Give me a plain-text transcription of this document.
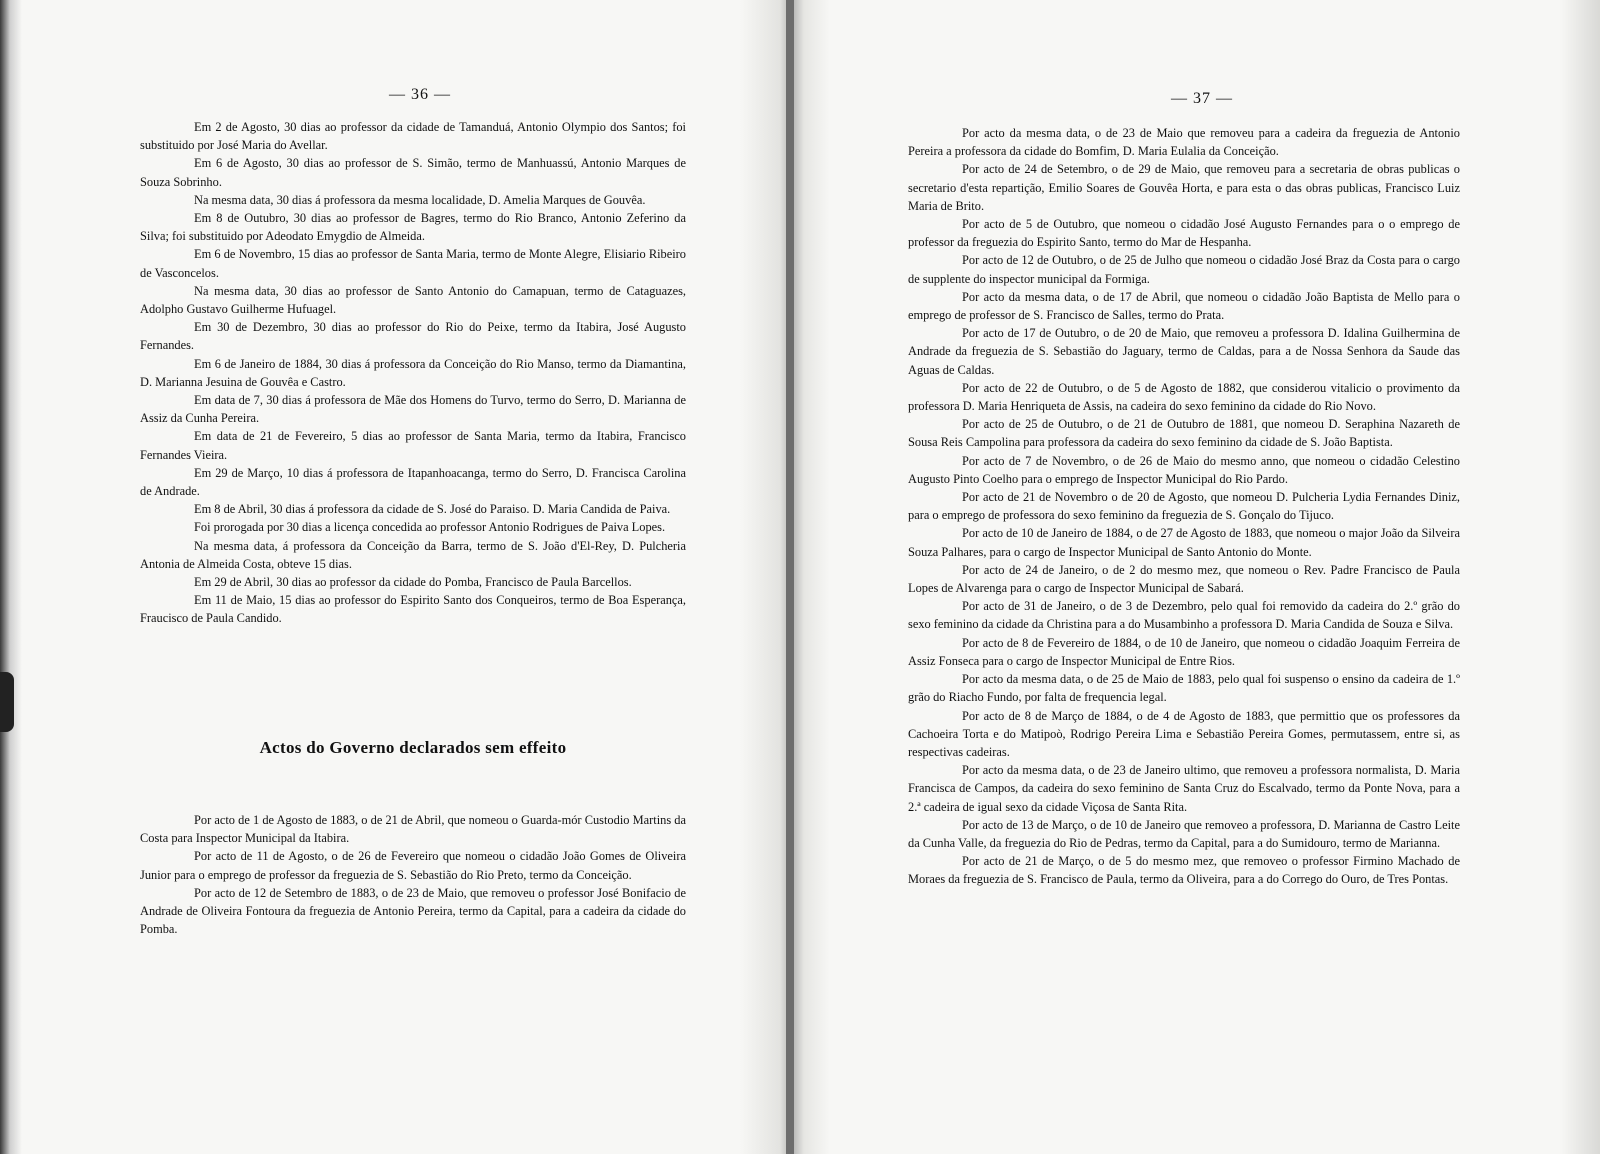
— 36 —

Em 2 de Agosto, 30 dias ao professor da cidade de Tamanduá, Antonio Olympio dos Santos; foi substituido por José Maria do Avellar.

Em 6 de Agosto, 30 dias ao professor de S. Simão, termo de Manhuassú, Antonio Marques de Souza Sobrinho.

Na mesma data, 30 dias á professora da mesma localidade, D. Amelia Marques de Gouvêa.

Em 8 de Outubro, 30 dias ao professor de Bagres, termo do Rio Branco, Antonio Zeferino da Silva; foi substituido por Adeodato Emygdio de Almeida.

Em 6 de Novembro, 15 dias ao professor de Santa Maria, termo de Monte Alegre, Elisiario Ribeiro de Vasconcelos.

Na mesma data, 30 dias ao professor de Santo Antonio do Camapuan, termo de Cataguazes, Adolpho Gustavo Guilherme Hufuagel.

Em 30 de Dezembro, 30 dias ao professor do Rio do Peixe, termo da Itabira, José Augusto Fernandes.

Em 6 de Janeiro de 1884, 30 dias á professora da Conceição do Rio Manso, termo da Diamantina, D. Marianna Jesuina de Gouvêa e Castro.

Em data de 7, 30 dias á professora de Mãe dos Homens do Turvo, termo do Serro, D. Marianna de Assiz da Cunha Pereira.

Em data de 21 de Fevereiro, 5 dias ao professor de Santa Maria, termo da Itabira, Francisco Fernandes Vieira.

Em 29 de Março, 10 dias á professora de Itapanhoacanga, termo do Serro, D. Francisca Carolina de Andrade.

Em 8 de Abril, 30 dias á professora da cidade de S. José do Paraiso. D. Maria Candida de Paiva.

Foi prorogada por 30 dias a licença concedida ao professor Antonio Rodrigues de Paiva Lopes.

Na mesma data, á professora da Conceição da Barra, termo de S. João d'El-Rey, D. Pulcheria Antonia de Almeida Costa, obteve 15 dias.

Em 29 de Abril, 30 dias ao professor da cidade do Pomba, Francisco de Paula Barcellos.

Em 11 de Maio, 15 dias ao professor do Espirito Santo dos Conqueiros, termo de Boa Esperança, Fraucisco de Paula Candido.

Actos do Governo declarados sem effeito

Por acto de 1 de Agosto de 1883, o de 21 de Abril, que nomeou o Guarda-mór Custodio Martins da Costa para Inspector Municipal da Itabira.

Por acto de 11 de Agosto, o de 26 de Fevereiro que nomeou o cidadão João Gomes de Oliveira Junior para o emprego de professor da freguezia de S. Sebastião do Rio Preto, termo da Conceição.

Por acto de 12 de Setembro de 1883, o de 23 de Maio, que removeu o professor José Bonifacio de Andrade de Oliveira Fontoura da freguezia de Antonio Pereira, termo da Capital, para a cadeira da cidade do Pomba.

— 37 —

Por acto da mesma data, o de 23 de Maio que removeu para a cadeira da freguezia de Antonio Pereira a professora da cidade do Bomfim, D. Maria Eulalia da Conceição.

Por acto de 24 de Setembro, o de 29 de Maio, que removeu para a secretaria de obras publicas o secretario d'esta repartição, Emilio Soares de Gouvêa Horta, e para esta o das obras publicas, Francisco Luiz Maria de Brito.

Por acto de 5 de Outubro, que nomeou o cidadão José Augusto Fernandes para o o emprego de professor da freguezia do Espirito Santo, termo do Mar de Hespanha.

Por acto de 12 de Outubro, o de 25 de Julho que nomeou o cidadão José Braz da Costa para o cargo de supplente do inspector municipal da Formiga.

Por acto da mesma data, o de 17 de Abril, que nomeou o cidadão João Baptista de Mello para o emprego de professor de S. Francisco de Salles, termo do Prata.

Por acto de 17 de Outubro, o de 20 de Maio, que removeu a professora D. Idalina Guilhermina de Andrade da freguezia de S. Sebastião do Jaguary, termo de Caldas, para a de Nossa Senhora da Saude das Aguas de Caldas.

Por acto de 22 de Outubro, o de 5 de Agosto de 1882, que considerou vitalicio o provimento da professora D. Maria Henriqueta de Assis, na cadeira do sexo feminino da cidade do Rio Novo.

Por acto de 25 de Outubro, o de 21 de Outubro de 1881, que nomeou D. Seraphina Nazareth de Sousa Reis Campolina para professora da cadeira do sexo feminino da cidade de S. João Baptista.

Por acto de 7 de Novembro, o de 26 de Maio do mesmo anno, que nomeou o cidadão Celestino Augusto Pinto Coelho para o emprego de Inspector Municipal do Rio Pardo.

Por acto de 21 de Novembro o de 20 de Agosto, que nomeou D. Pulcheria Lydia Fernandes Diniz, para o emprego de professora do sexo feminino da freguezia de S. Gonçalo do Tijuco.

Por acto de 10 de Janeiro de 1884, o de 27 de Agosto de 1883, que nomeou o major João da Silveira Souza Palhares, para o cargo de Inspector Municipal de Santo Antonio do Monte.

Por acto de 24 de Janeiro, o de 2 do mesmo mez, que nomeou o Rev. Padre Francisco de Paula Lopes de Alvarenga para o cargo de Inspector Municipal de Sabará.

Por acto de 31 de Janeiro, o de 3 de Dezembro, pelo qual foi removido da cadeira do 2.º grão do sexo feminino da cidade da Christina para a do Musambinho a professora D. Maria Candida de Souza e Silva.

Por acto de 8 de Fevereiro de 1884, o de 10 de Janeiro, que nomeou o cidadão Joaquim Ferreira de Assiz Fonseca para o cargo de Inspector Municipal de Entre Rios.

Por acto da mesma data, o de 25 de Maio de 1883, pelo qual foi suspenso o ensino da cadeira de 1.º grão do Riacho Fundo, por falta de frequencia legal.

Por acto de 8 de Março de 1884, o de 4 de Agosto de 1883, que permittio que os professores da Cachoeira Torta e do Matipoò, Rodrigo Pereira Lima e Sebastião Pereira Gomes, permutassem, entre si, as respectivas cadeiras.

Por acto da mesma data, o de 23 de Janeiro ultimo, que removeu a professora normalista, D. Maria Francisca de Campos, da cadeira do sexo feminino de Santa Cruz do Escalvado, termo da Ponte Nova, para a 2.ª cadeira de igual sexo da cidade Viçosa de Santa Rita.

Por acto de 13 de Março, o de 10 de Janeiro que removeo a professora, D. Marianna de Castro Leite da Cunha Valle, da freguezia do Rio de Pedras, termo da Capital, para a do Sumidouro, termo de Marianna.

Por acto de 21 de Março, o de 5 do mesmo mez, que removeo o professor Firmino Machado de Moraes da freguezia de S. Francisco de Paula, termo da Oliveira, para a do Corrego do Ouro, de Tres Pontas.
